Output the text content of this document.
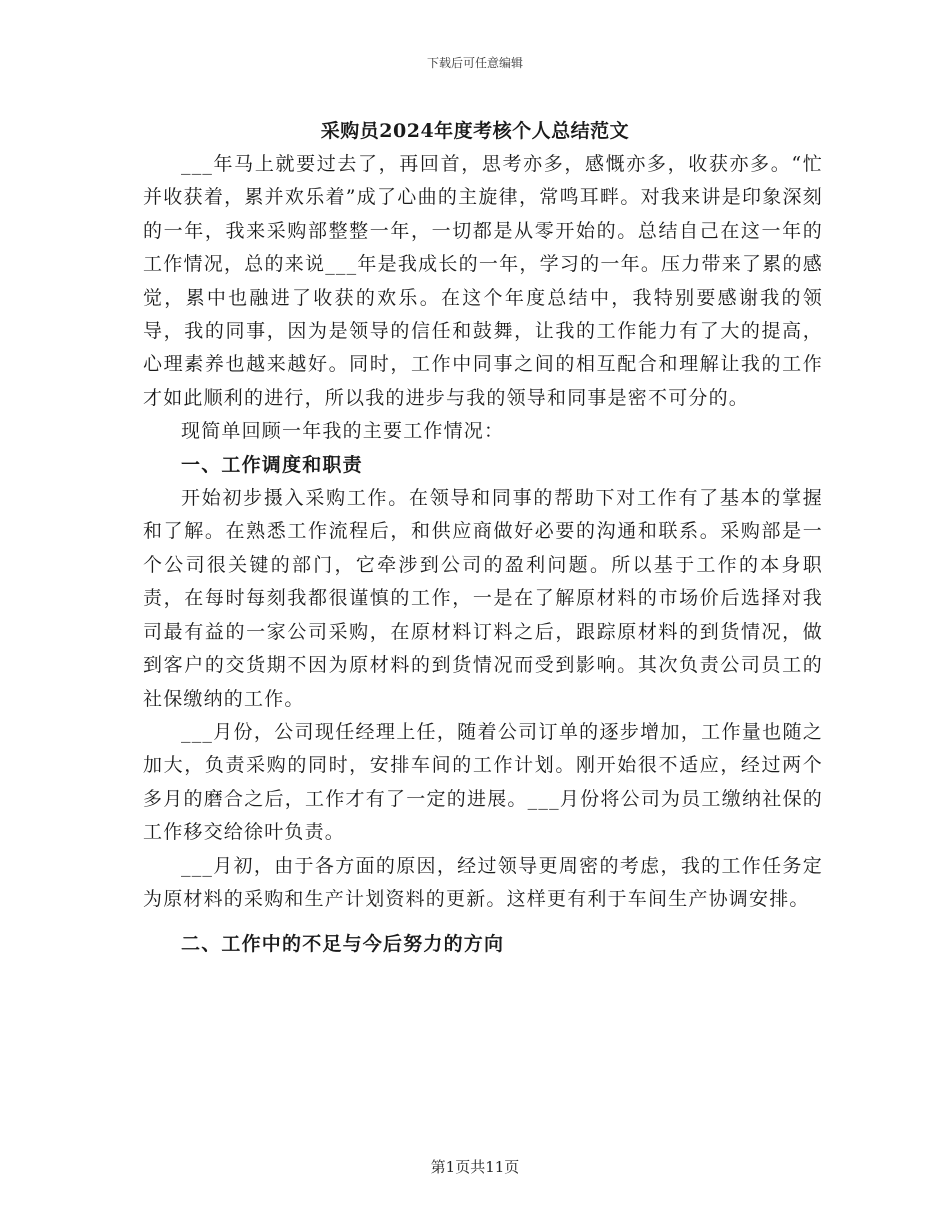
下载后可任意编辑
采购员2024年度考核个人总结范文

___年马上就要过去了，再回首，思考亦多，感慨亦多，收获亦多。“忙并收获着，累并欢乐着”成了心曲的主旋律，常鸣耳畔。对我来讲是印象深刻的一年，我来采购部整整一年，一切都是从零开始的。总结自己在这一年的工作情况，总的来说___年是我成长的一年，学习的一年。压力带来了累的感觉，累中也融进了收获的欢乐。在这个年度总结中，我特别要感谢我的领导，我的同事，因为是领导的信任和鼓舞，让我的工作能力有了大的提高，心理素养也越来越好。同时，工作中同事之间的相互配合和理解让我的工作才如此顺利的进行，所以我的进步与我的领导和同事是密不可分的。

现简单回顾一年我的主要工作情况：

一、工作调度和职责

开始初步摄入采购工作。在领导和同事的帮助下对工作有了基本的掌握和了解。在熟悉工作流程后，和供应商做好必要的沟通和联系。采购部是一个公司很关键的部门，它牵涉到公司的盈利问题。所以基于工作的本身职责，在每时每刻我都很谨慎的工作，一是在了解原材料的市场价后选择对我司最有益的一家公司采购，在原材料订料之后，跟踪原材料的到货情况，做到客户的交货期不因为原材料的到货情况而受到影响。其次负责公司员工的社保缴纳的工作。

___月份，公司现任经理上任，随着公司订单的逐步增加，工作量也随之加大，负责采购的同时，安排车间的工作计划。刚开始很不适应，经过两个多月的磨合之后，工作才有了一定的进展。___月份将公司为员工缴纳社保的工作移交给徐叶负责。

___月初，由于各方面的原因，经过领导更周密的考虑，我的工作任务定为原材料的采购和生产计划资料的更新。这样更有利于车间生产协调安排。

二、工作中的不足与今后努力的方向

第1页共11页
